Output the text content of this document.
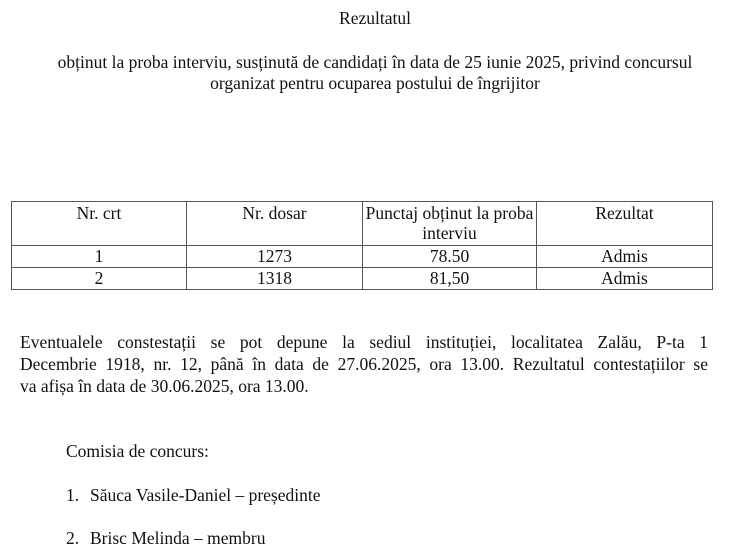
Rezultatul
obținut la proba interviu, susținută de candidați în data de 25 iunie 2025, privind concursul
organizat pentru ocuparea postului de îngrijitor
Nr. crt	Nr. dosar	Punctaj obținut la proba interviu	Rezultat
1	1273	78.50	Admis
2	1318	81,50	Admis
Eventualele constestații se pot depune la sediul instituției, localitatea Zalău, P-ta 1
Decembrie 1918, nr. 12, până în data de 27.06.2025, ora 13.00. Rezultatul contestațiilor se
va afișa în data de 30.06.2025, ora 13.00.
Comisia de concurs:
1. Săuca Vasile-Daniel – președinte
2. Brisc Melinda – membru
